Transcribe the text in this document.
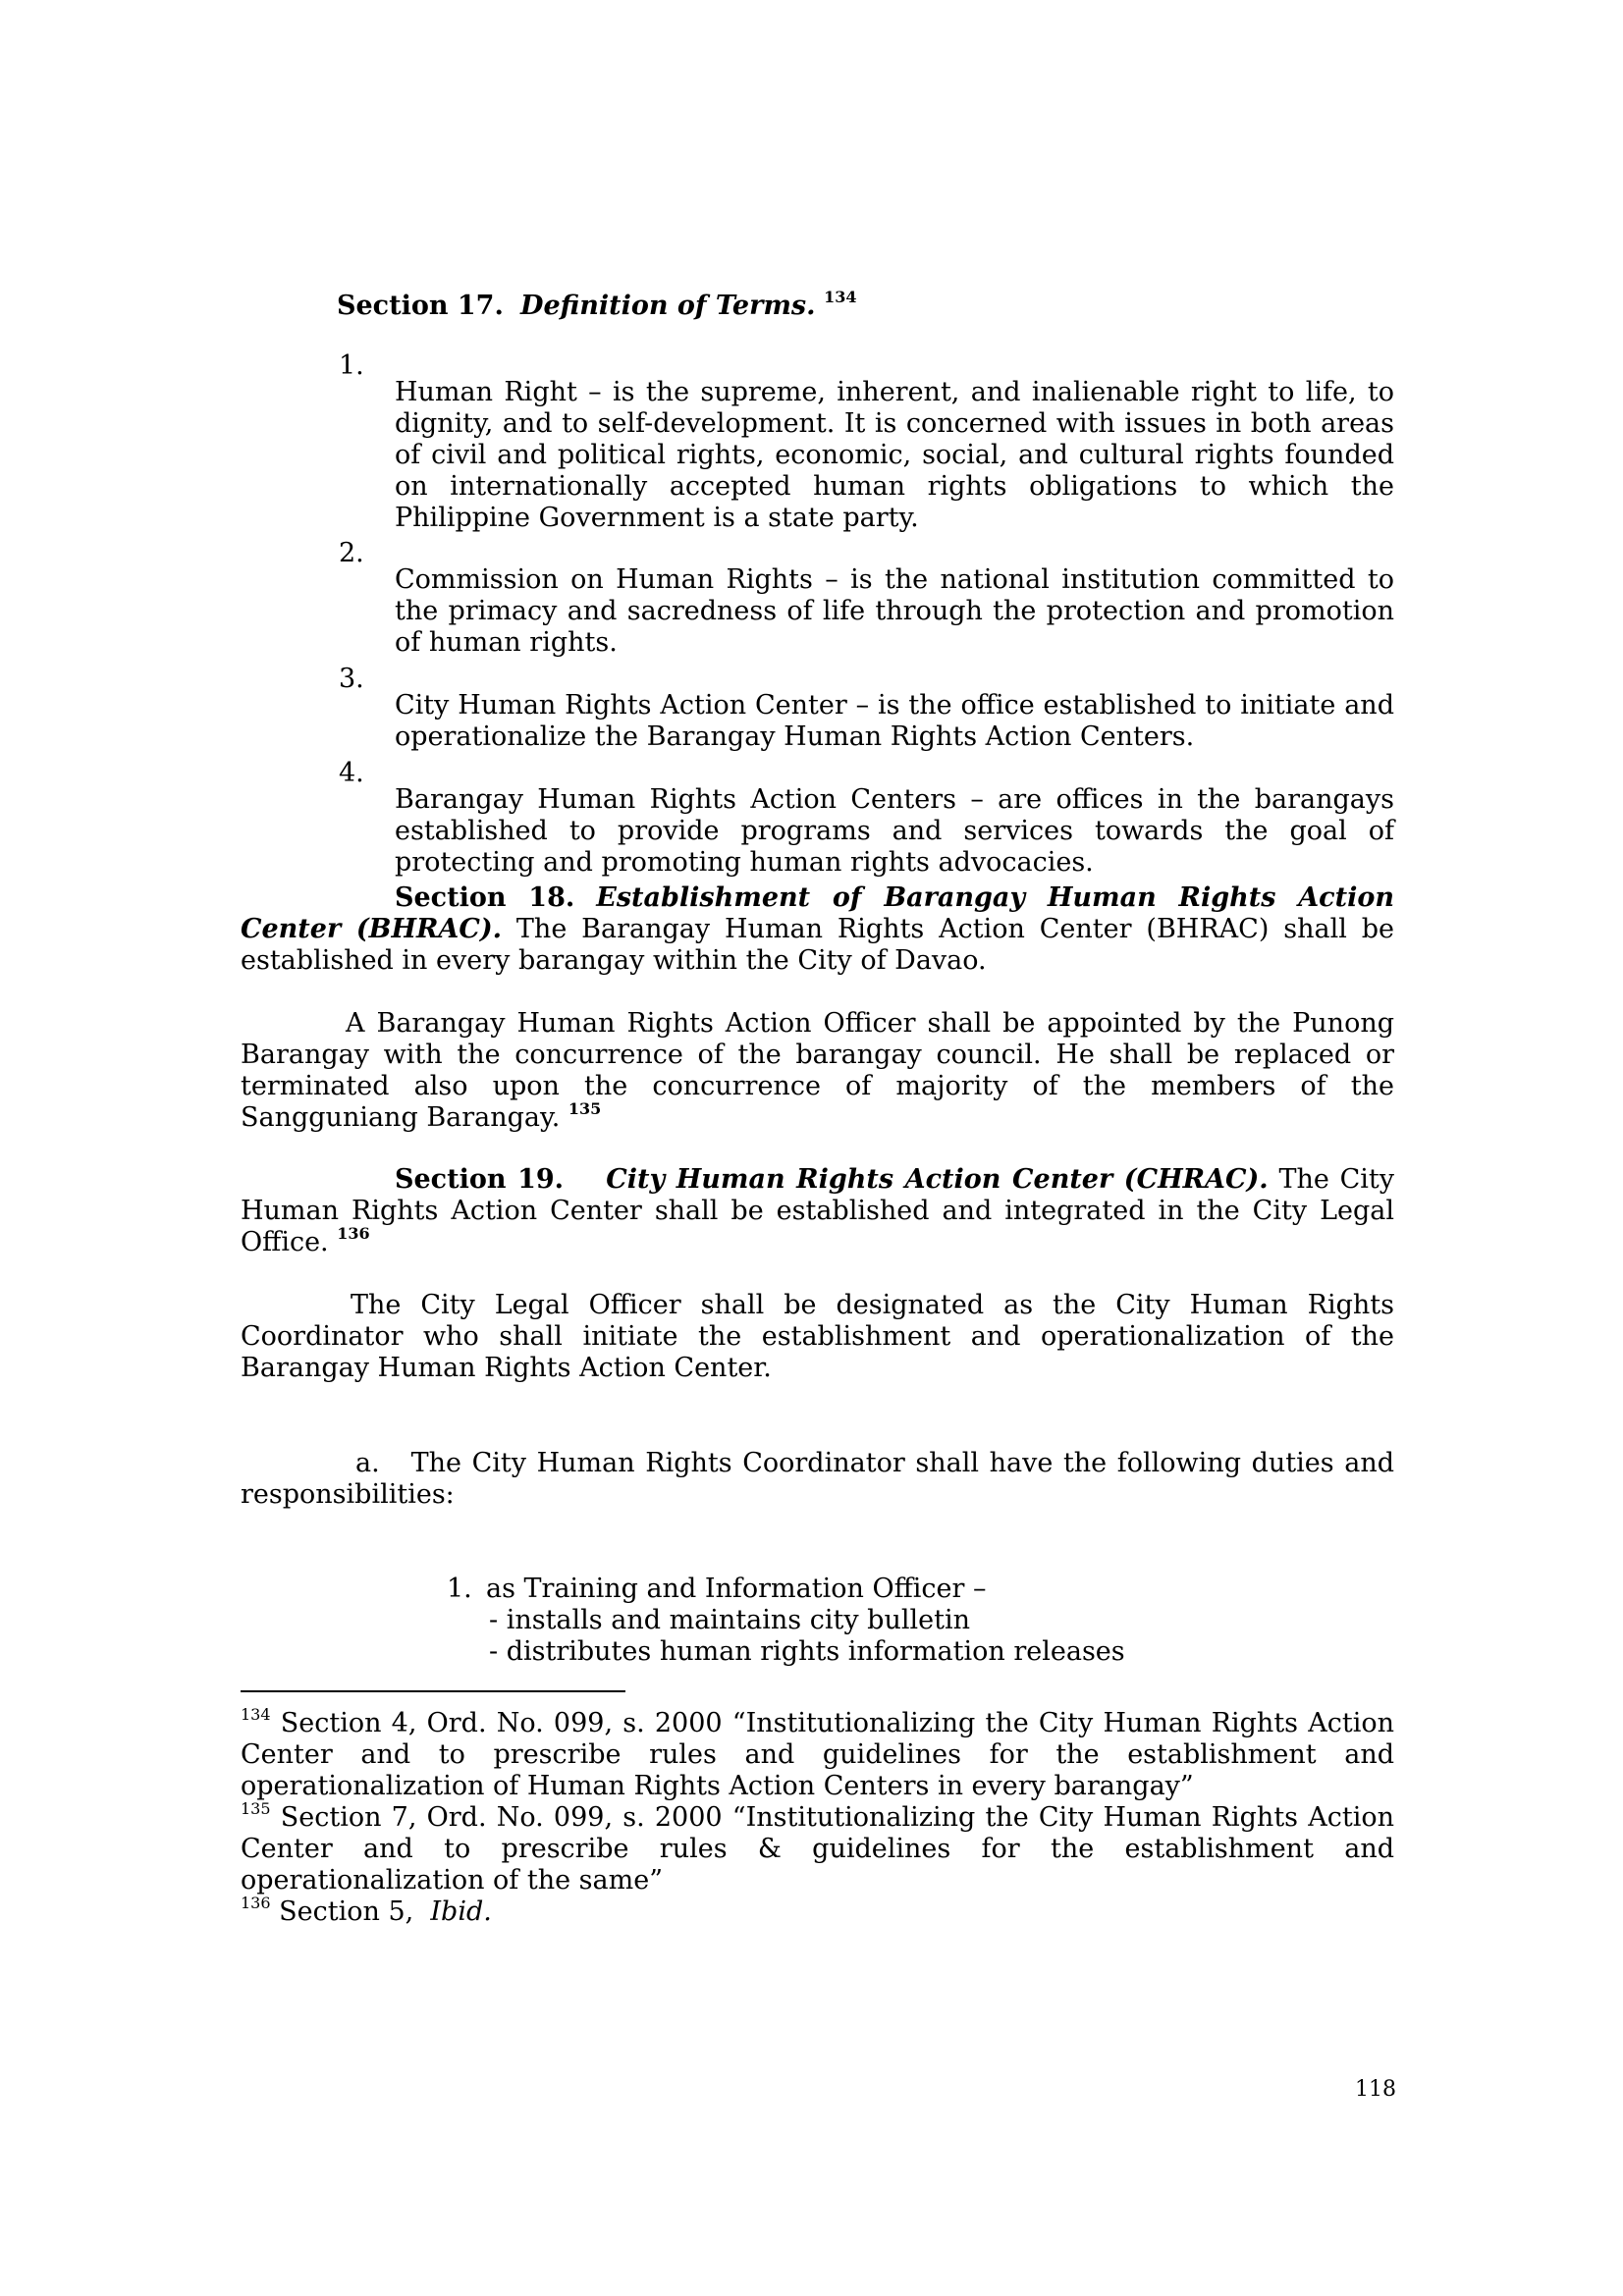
Section 17. Definition of Terms. $^{134}$
1.

Human Right – is the supreme, inherent, and inalienable right to life, to dignity, and to self-development. It is concerned with issues in both areas of civil and political rights, economic, social, and cultural rights founded on internationally accepted human rights obligations to which the Philippine Government is a state party.

2.

Commission on Human Rights – is the national institution committed to the primacy and sacredness of life through the protection and promotion of human rights.

3.

City Human Rights Action Center – is the office established to initiate and operationalize the Barangay Human Rights Action Centers.

4.

Barangay Human Rights Action Centers – are offices in the barangays established to provide programs and services towards the goal of protecting and promoting human rights advocacies.

Section 18. Establishment of Barangay Human Rights Action Center (BHRAC). The Barangay Human Rights Action Center (BHRAC) shall be established in every barangay within the City of Davao.

A Barangay Human Rights Action Officer shall be appointed by the Punong Barangay with the concurrence of the barangay council. He shall be replaced or terminated also upon the concurrence of majority of the members of the Sangguniang Barangay. $^{135}$

Section 19. City Human Rights Action Center (CHRAC). The City Human Rights Action Center shall be established and integrated in the City Legal Office. $^{136}$

The City Legal Officer shall be designated as the City Human Rights Coordinator who shall initiate the establishment and operationalization of the Barangay Human Rights Action Center.

a. The City Human Rights Coordinator shall have the following duties and responsibilities:

1. as Training and Information Officer –
- installs and maintains city bulletin
- distributes human rights information releases

$^{134}$ Section 4, Ord. No. 099, s. 2000 “Institutionalizing the City Human Rights Action Center and to prescribe rules and guidelines for the establishment and operationalization of Human Rights Action Centers in every barangay”

$^{135}$ Section 7, Ord. No. 099, s. 2000 “Institutionalizing the City Human Rights Action Center and to prescribe rules & guidelines for the establishment and operationalization of the same”

$^{136}$ Section 5, Ibid.

118
